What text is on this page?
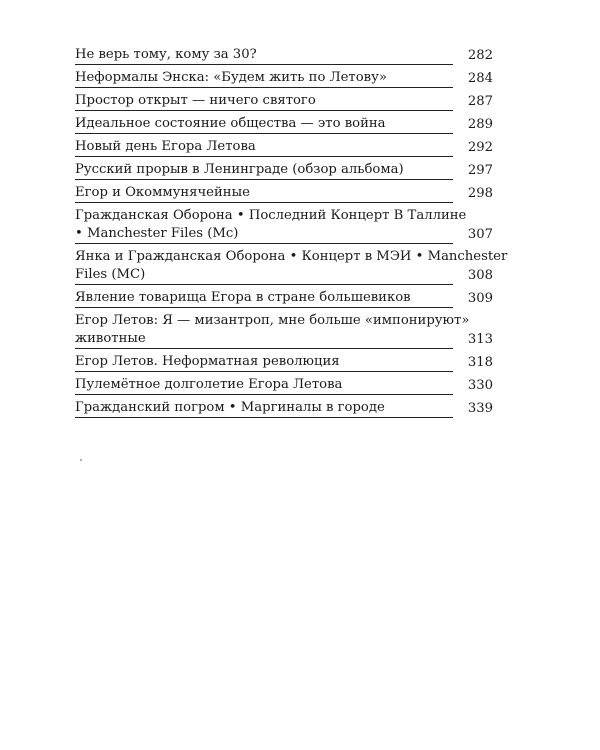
Не верь тому, кому за 30?	282
Неформалы Энска: «Будем жить по Летову»	284
Простор открыт — ничего святого	287
Идеальное состояние общества — это война	289
Новый день Егора Летова	292
Русский прорыв в Ленинграде (обзор альбома)	297
Егор и Окоммунячейные	298
Гражданская Оборона • Последний Концерт В Таллине
• Manchester Files (Mc)	307
Янка и Гражданская Оборона • Концерт в МЭИ • Manchester
Files (MC)	308
Явление товарища Егора в стране большевиков	309
Егор Летов: Я — мизантроп, мне больше «импонируют»
животные	313
Егор Летов. Неформатная революция	318
Пулемётное долголетие Егора Летова	330
Гражданский погром • Маргиналы в городе	339
